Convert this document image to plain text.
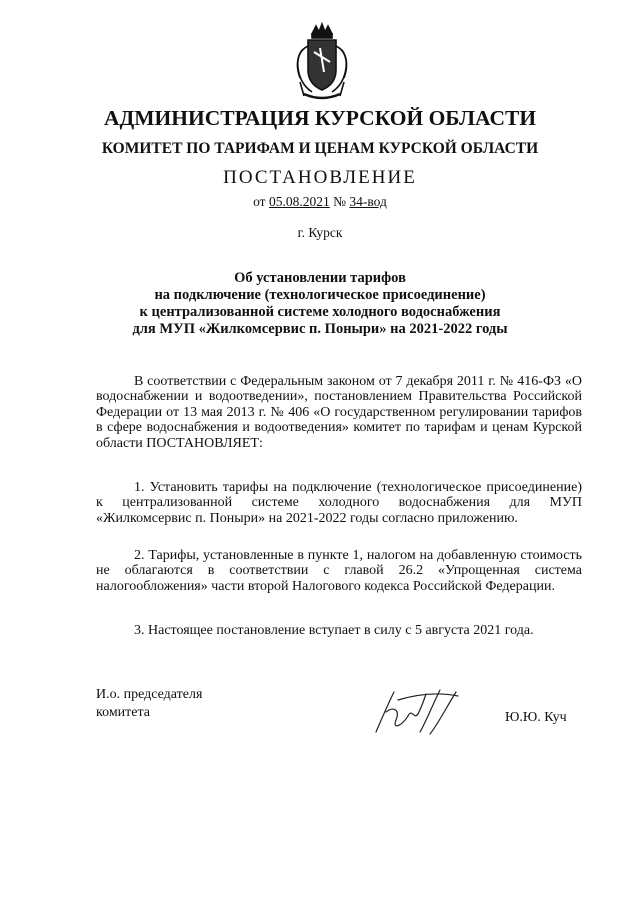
АДМИНИСТРАЦИЯ КУРСКОЙ ОБЛАСТИ
КОМИТЕТ ПО ТАРИФАМ И ЦЕНАМ КУРСКОЙ ОБЛАСТИ
ПОСТАНОВЛЕНИЕ
от 05.08.2021 № 34-вод
г. Курск
Об установлении тарифов
на подключение (технологическое присоединение)
к централизованной системе холодного водоснабжения
для МУП «Жилкомсервис п. Поныри» на 2021-2022 годы
В соответствии с Федеральным законом от 7 декабря 2011 г. № 416-ФЗ «О водоснабжении и водоотведении», постановлением Правительства Российской Федерации от 13 мая 2013 г. № 406 «О государственном регулировании тарифов в сфере водоснабжения и водоотведения» комитет по тарифам и ценам Курской области ПОСТАНОВЛЯЕТ:
1. Установить тарифы на подключение (технологическое присоединение) к централизованной системе холодного водоснабжения для МУП «Жилкомсервис п. Поныри» на 2021-2022 годы согласно приложению.
2. Тарифы, установленные в пункте 1, налогом на добавленную стоимость не облагаются в соответствии с главой 26.2 «Упрощенная система налогообложения» части второй Налогового кодекса Российской Федерации.
3. Настоящее постановление вступает в силу с 5 августа 2021 года.
И.о. председателя
комитета	Ю.Ю. Куч
